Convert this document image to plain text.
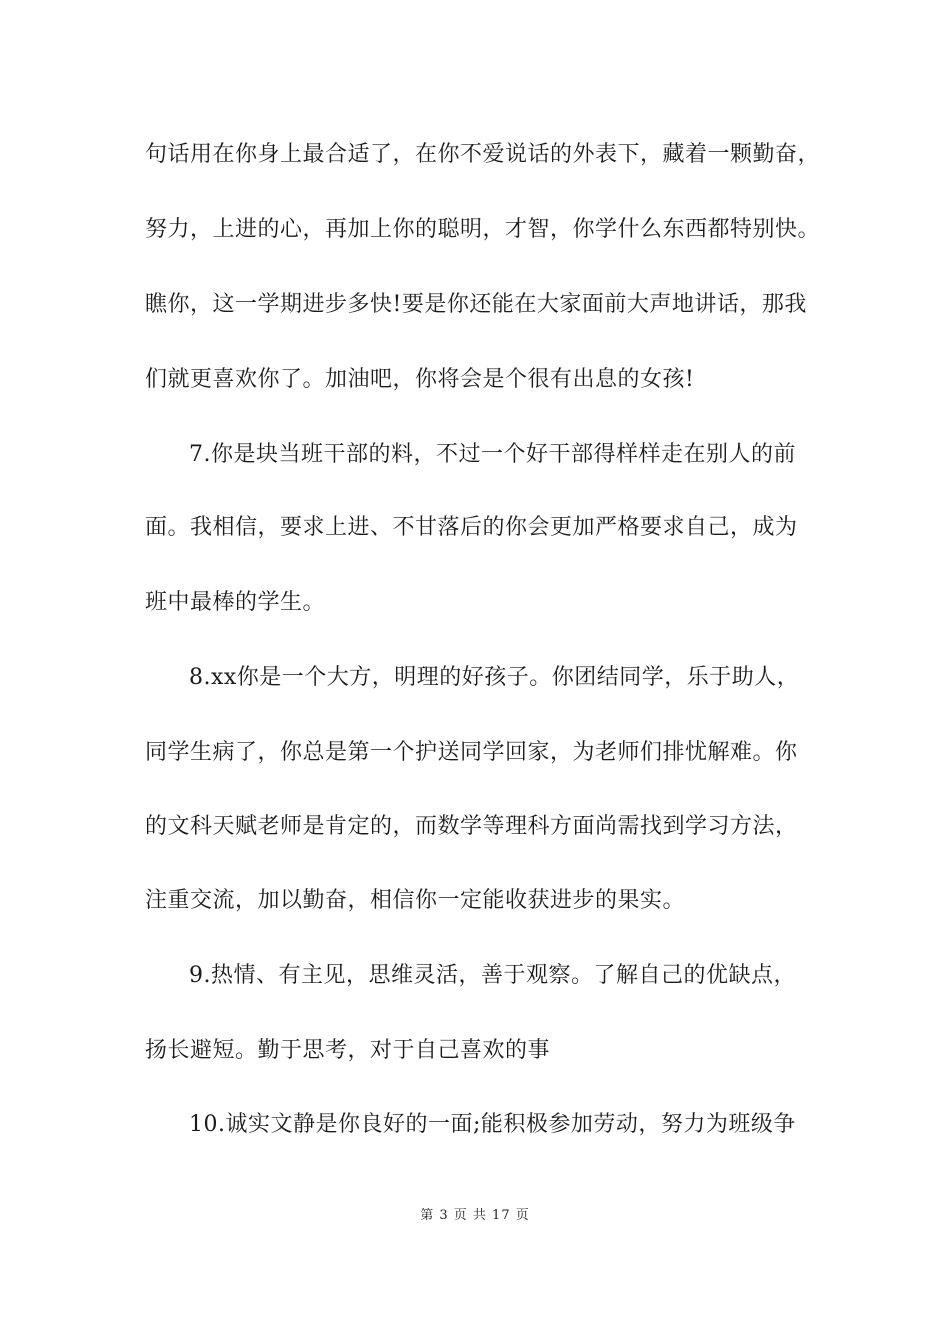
句话用在你身上最合适了，在你不爱说话的外表下，藏着一颗勤奋，
努力，上进的心，再加上你的聪明，才智，你学什么东西都特别快。
瞧你，这一学期进步多快!要是你还能在大家面前大声地讲话，那我
们就更喜欢你了。加油吧，你将会是个很有出息的女孩!
7.你是块当班干部的料，不过一个好干部得样样走在别人的前
面。我相信，要求上进、不甘落后的你会更加严格要求自己，成为
班中最棒的学生。
8.xx你是一个大方，明理的好孩子。你团结同学，乐于助人，
同学生病了，你总是第一个护送同学回家，为老师们排忧解难。你
的文科天赋老师是肯定的，而数学等理科方面尚需找到学习方法，
注重交流，加以勤奋，相信你一定能收获进步的果实。
9.热情、有主见，思维灵活，善于观察。了解自己的优缺点，
扬长避短。勤于思考，对于自己喜欢的事
10.诚实文静是你良好的一面;能积极参加劳动，努力为班级争
第 3 页 共 17 页
